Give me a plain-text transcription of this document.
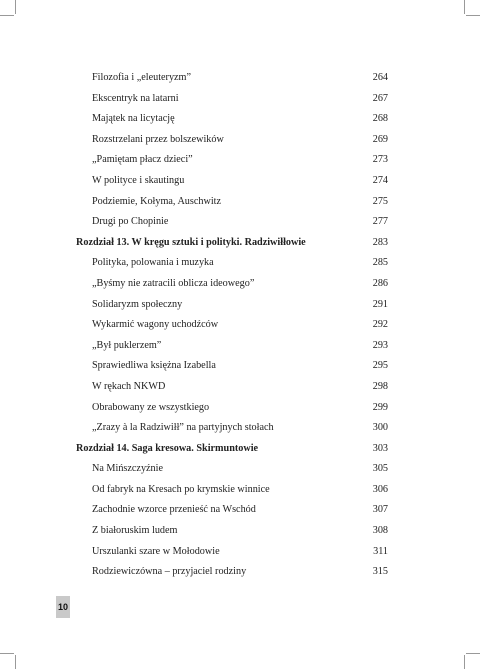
Filozofia i „eleuteryzm”	264
Ekscentryk na latarni	267
Majątek na licytację	268
Rozstrzelani przez bolszewików	269
„Pamiętam płacz dzieci”	273
W polityce i skautingu	274
Podziemie, Kołyma, Auschwitz	275
Drugi po Chopinie	277
Rozdział 13. W kręgu sztuki i polityki. Radziwiłłowie	283
Polityka, polowania i muzyka	285
„Byśmy nie zatracili oblicza ideowego”	286
Solidaryzm społeczny	291
Wykarmić wagony uchodźców	292
„Był puklerzem”	293
Sprawiedliwa księżna Izabella	295
W rękach NKWD	298
Obrabowany ze wszystkiego	299
„Zrazy à la Radziwiłł” na partyjnych stołach	300
Rozdział 14. Saga kresowa. Skirmuntowie	303
Na Mińszczyźnie	305
Od fabryk na Kresach po krymskie winnice	306
Zachodnie wzorce przenieść na Wschód	307
Z białoruskim ludem	308
Urszulanki szare w Mołodowie	311
Rodziewiczówna – przyjaciel rodziny	315
10
